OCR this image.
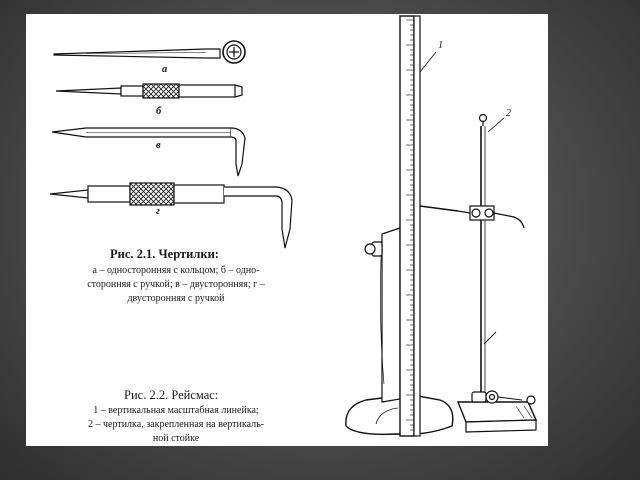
а
б
в
г
Рис. 2.1. Чертилки:
а – односторонняя с кольцом; б – одно-
сторонняя с ручкой; в – двусторонняя; г –
двусторонняя с ручкой
1
2
Рис. 2.2. Рейсмас:
1 – вертикальная масштабная линейка;
2 – чертилка, закрепленная на вертикаль-
ной стойке
